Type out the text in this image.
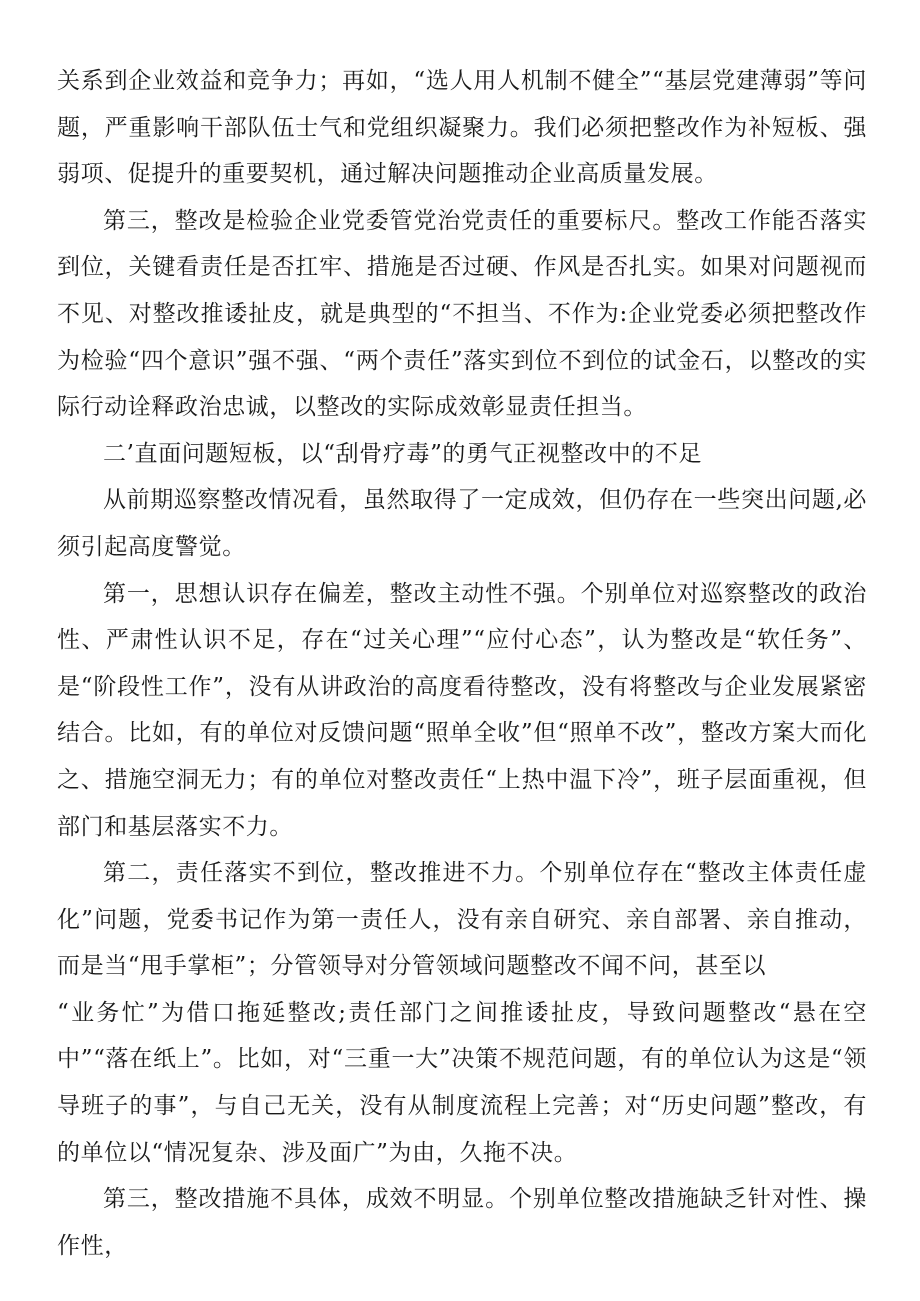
关系到企业效益和竞争力；再如，“选人用人机制不健全”“基层党建薄弱”等问题，严重影响干部队伍士气和党组织凝聚力。我们必须把整改作为补短板、强弱项、促提升的重要契机，通过解决问题推动企业高质量发展。

第三，整改是检验企业党委管党治党责任的重要标尺。整改工作能否落实到位，关键看责任是否扛牢、措施是否过硬、作风是否扎实。如果对问题视而不见、对整改推诿扯皮，就是典型的“不担当、不作为:企业党委必须把整改作为检验“四个意识”强不强、“两个责任”落实到位不到位的试金石，以整改的实际行动诠释政治忠诚，以整改的实际成效彰显责任担当。

二’直面问题短板，以“刮骨疗毒”的勇气正视整改中的不足

从前期巡察整改情况看，虽然取得了一定成效，但仍存在一些突出问题,必须引起高度警觉。

第一，思想认识存在偏差，整改主动性不强。个别单位对巡察整改的政治性、严肃性认识不足，存在“过关心理”“应付心态”，认为整改是“软任务”、是“阶段性工作”，没有从讲政治的高度看待整改，没有将整改与企业发展紧密结合。比如，有的单位对反馈问题“照单全收”但“照单不改”，整改方案大而化之、措施空洞无力；有的单位对整改责任“上热中温下冷”，班子层面重视，但部门和基层落实不力。

第二，责任落实不到位，整改推进不力。个别单位存在“整改主体责任虚化”问题，党委书记作为第一责任人，没有亲自研究、亲自部署、亲自推动，而是当“甩手掌柜”；分管领导对分管领域问题整改不闻不问，甚至以

“业务忙”为借口拖延整改;责任部门之间推诿扯皮，导致问题整改“悬在空中”“落在纸上”。比如，对“三重一大”决策不规范问题，有的单位认为这是“领导班子的事”，与自己无关，没有从制度流程上完善；对“历史问题”整改，有的单位以“情况复杂、涉及面广”为由，久拖不决。

第三，整改措施不具体，成效不明显。个别单位整改措施缺乏针对性、操作性，
